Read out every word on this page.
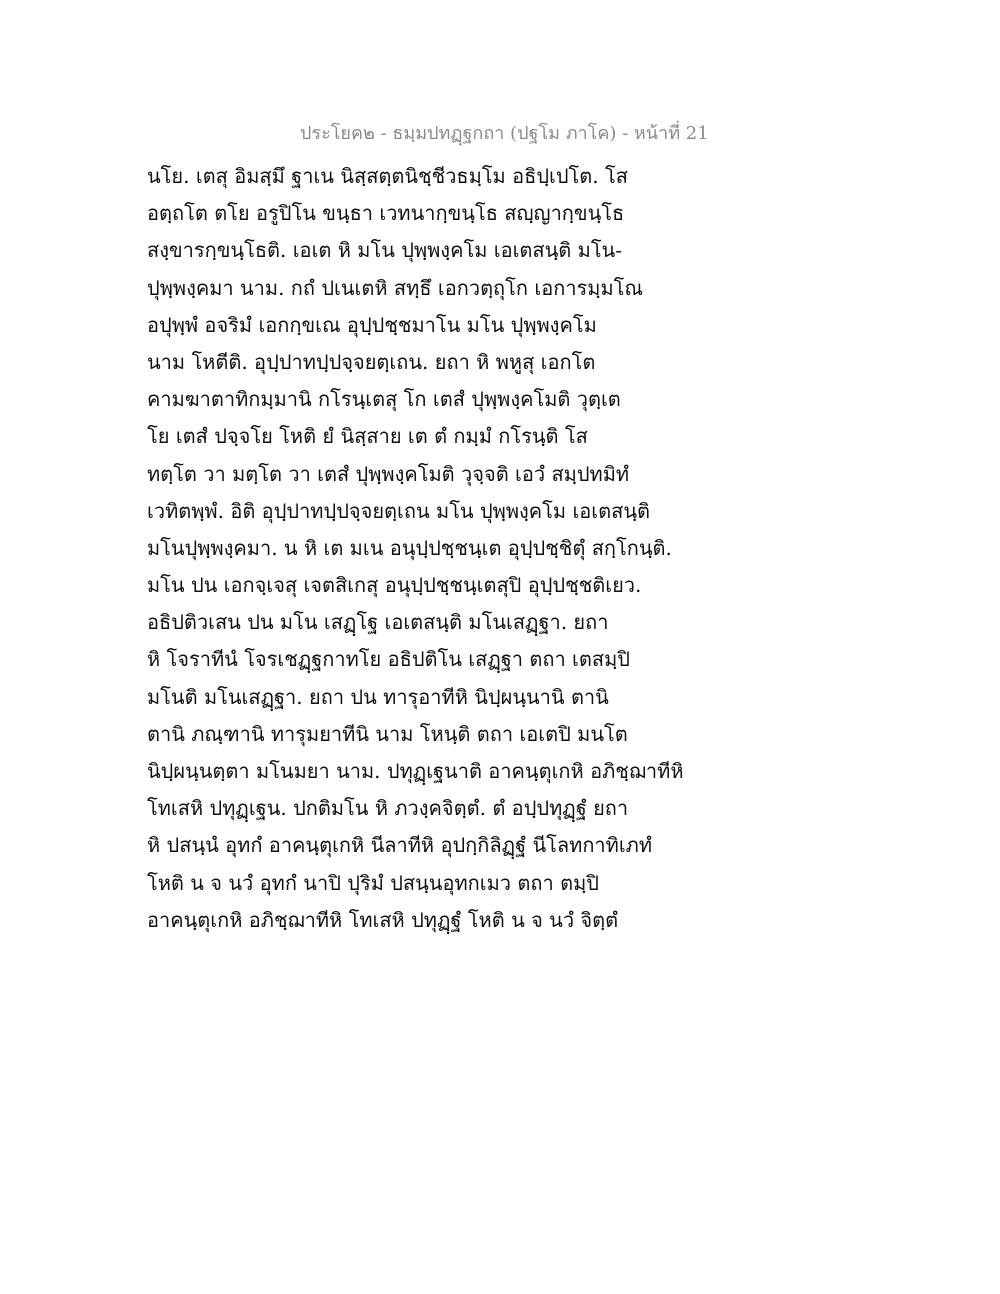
ประโยค๒ - ธมฺมปทฏฺฐกถา (ปฐโม ภาโค) - หน้าที่ 21
นโย. เตสุ อิมสฺมึ ฐาเน นิสฺสตฺตนิชฺชีวธมฺโม อธิปฺเปโต. โส
อตฺถโต ตโย อรูปิโน ขนฺธา เวทนากฺขนฺโธ สญฺญากฺขนฺโธ
สงฺขารกฺขนฺโธติ. เอเต หิ มโน ปุพฺพงฺคโม เอเตสนฺติ มโน-
ปุพฺพงฺคมา นาม. กถํ ปเนเตหิ สทฺธึ เอกวตฺถุโก เอการมฺมโณ
อปุพฺพํ อจริมํ เอกกฺขเณ อุปฺปชฺชมาโน มโน ปุพฺพงฺคโม
นาม โหตีติ. อุปฺปาทปฺปจฺจยตฺเถน. ยถา หิ พหูสุ เอกโต
คามฆาตาทิกมฺมานิ กโรนฺเตสุ โก เตสํ ปุพฺพงฺคโมติ วุตฺเต
โย เตสํ ปจฺจโย โหติ ยํ นิสฺสาย เต ตํ กมฺมํ กโรนฺติ โส
ทตฺโต วา มตฺโต วา เตสํ ปุพฺพงฺคโมติ วุจฺจติ เอวํ สมฺปทมิทํ
เวทิตพฺพํ. อิติ อุปฺปาทปฺปจฺจยตฺเถน มโน ปุพฺพงฺคโม เอเตสนฺติ
มโนปุพฺพงฺคมา. น หิ เต มเน อนุปฺปชฺชนฺเต อุปฺปชฺชิตุํ สกฺโกนฺติ.
มโน ปน เอกจฺเจสุ เจตสิเกสุ อนุปฺปชฺชนฺเตสุปิ อุปฺปชฺชติเยว.
อธิปติวเสน ปน มโน เสฏฺโฐ เอเตสนฺติ มโนเสฏฺฐา. ยถา
หิ โจราทีนํ โจรเชฏฺฐกาทโย อธิปติโน เสฏฺฐา ตถา เตสมฺปิ
มโนติ มโนเสฏฺฐา. ยถา ปน ทารุอาทีหิ นิปฺผนฺนานิ ตานิ
ตานิ ภณฺฑานิ ทารุมยาทีนิ นาม โหนฺติ ตถา เอเตปิ มนโต
นิปฺผนฺนตฺตา มโนมยา นาม. ปทุฏฺเฐนาติ อาคนฺตุเกหิ อภิชฺฌาทีหิ
โทเสหิ ปทุฏฺเฐน. ปกติมโน หิ ภวงฺคจิตฺตํ. ตํ อปฺปทุฏฺฐํ ยถา
หิ ปสนฺนํ อุทกํ อาคนฺตุเกหิ นีลาทีหิ อุปกฺกิลิฏฺฐํ นีโลทกาทิเภทํ
โหติ น จ นวํ อุทกํ นาปิ ปุริมํ ปสนฺนอุทกเมว ตถา ตมฺปิ
อาคนฺตุเกหิ อภิชฺฌาทีหิ โทเสหิ ปทุฏฺฐํ โหติ น จ นวํ จิตฺตํ
